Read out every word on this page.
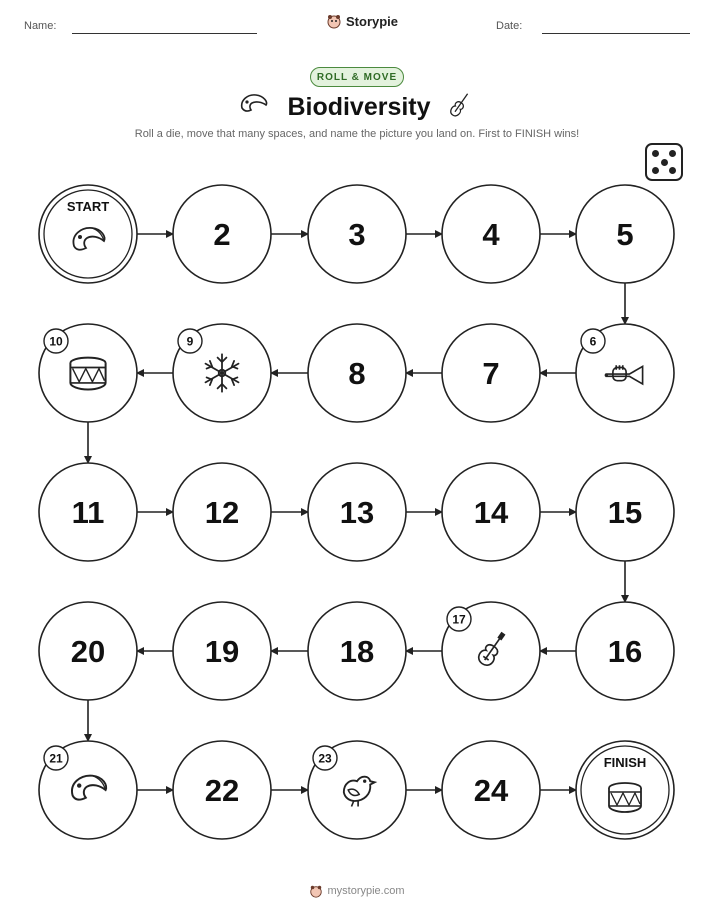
Name:	Date:
Storypie
ROLL & MOVE
Biodiversity
Roll a die, move that many spaces, and name the picture you land on. First to FINISH wins!
START
2	3	4	5
6
7
8
9
10
11	12	13	14	15
16
17
18
19
20
21
22
23
24
FINISH
mystorypie.com
